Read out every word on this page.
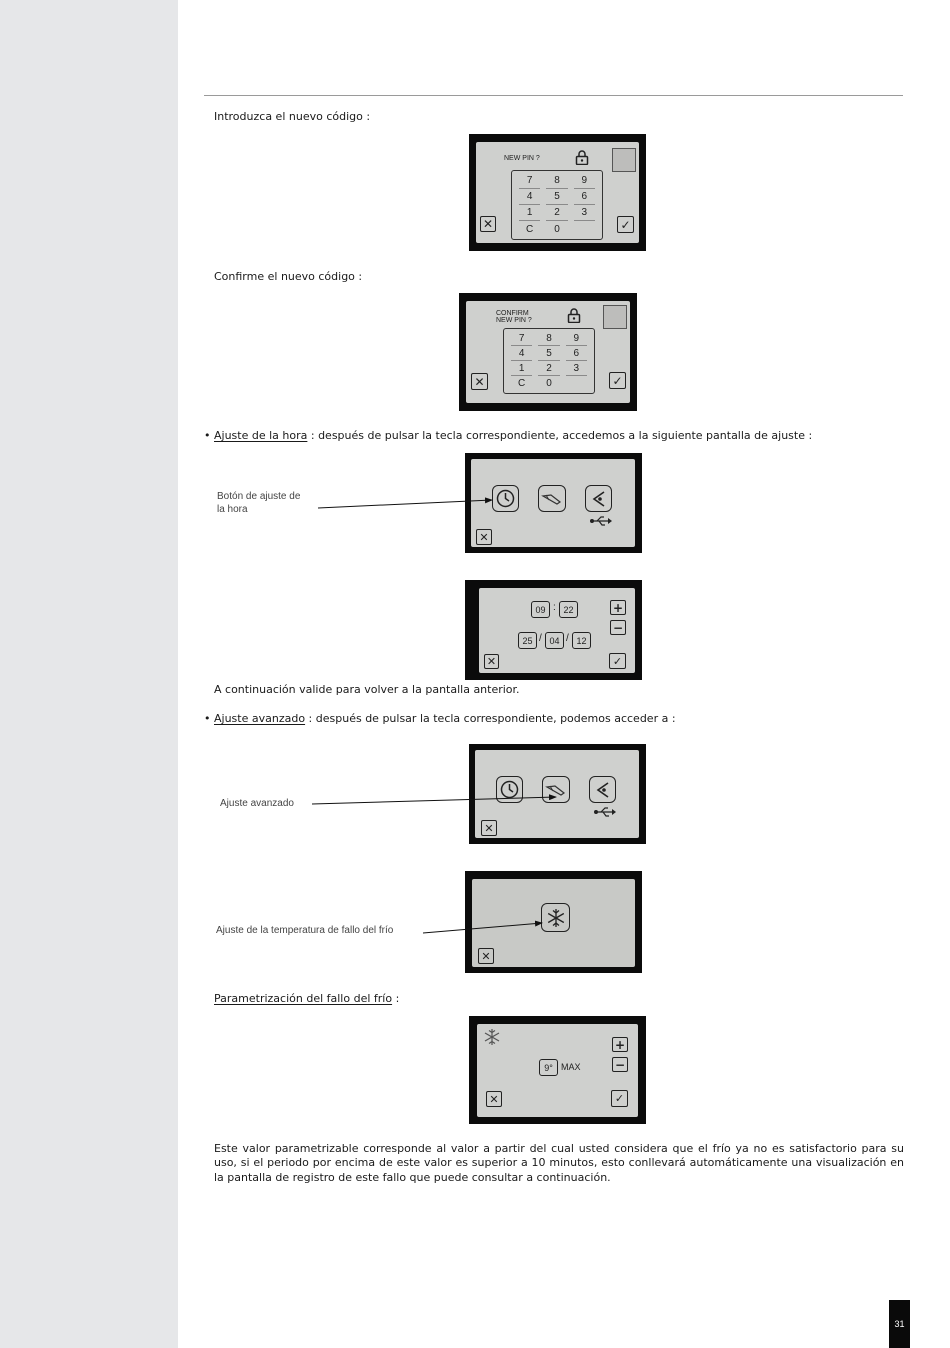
Introduzca el nuevo código :
NEW PIN ?
7	8	9
4	5	6
1	2	3
C	0
✕	✓
Confirme el nuevo código :
CONFIRM
NEW PIN ?
7	8	9
4	5	6
1	2	3
C	0
✕	✓
• Ajuste de la hora : después de pulsar la tecla correspondiente, accedemos a la siguiente pantalla de ajuste :
Botón de ajuste de
la hora
✕
09 : 22
25 / 04 / 12
+
−
✕	✓
A continuación valide para volver a la pantalla anterior.
• Ajuste avanzado : después de pulsar la tecla correspondiente, podemos acceder a :
Ajuste avanzado
✕
Ajuste de la temperatura de fallo del frío
✕
Parametrización del fallo del frío :
9° MAX
+
−
✕	✓
Este valor parametrizable corresponde al valor a partir del cual usted considera que el frío ya no es satisfactorio para su uso, si el periodo por encima de este valor es superior a 10 minutos, esto conllevará automáticamente una visualización en la pantalla de registro de este fallo que puede consultar a continuación.
31
